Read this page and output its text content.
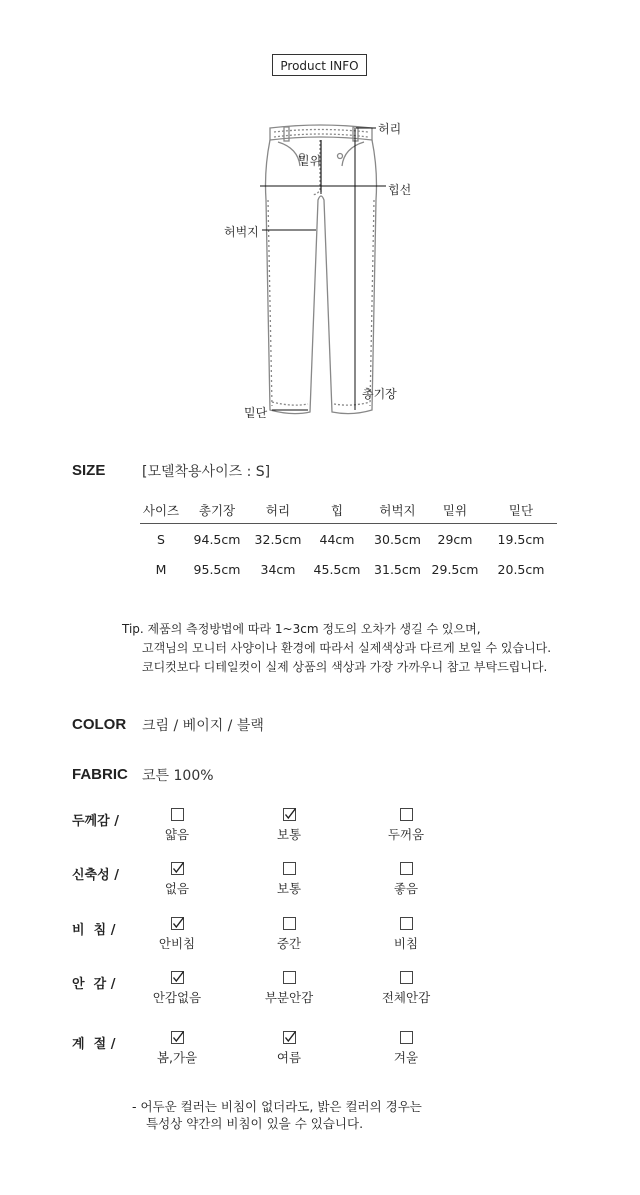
Product INFO
허리
밑위
힙선
허벅지
총기장
밑단
SIZE	[모델착용사이즈 : S]
사이즈	총기장	허리	힙	허벅지	밑위	밑단
S	94.5cm	32.5cm	44cm	30.5cm	29cm	19.5cm
M	95.5cm	34cm	45.5cm	31.5cm	29.5cm	20.5cm
Tip. 제품의 측정방법에 따라 1~3cm 정도의 오차가 생길 수 있으며,
고객님의 모니터 사양이나 환경에 따라서 실제색상과 다르게 보일 수 있습니다.
코디컷보다 디테일컷이 실제 상품의 색상과 가장 가까우니 참고 부탁드립니다.
COLOR 크림 / 베이지 / 블랙
FABRIC 코튼 100%
두께감 /
얇음	보통	두꺼움
신축성 /
없음	보통	좋음
비  침 /
안비침	중간	비침
안  감 /
안감없음	부분안감	전체안감
계  절 /
봄,가을	여름	겨울
- 어두운 컬러는 비침이 없더라도, 밝은 컬러의 경우는
특성상 약간의 비침이 있을 수 있습니다.
